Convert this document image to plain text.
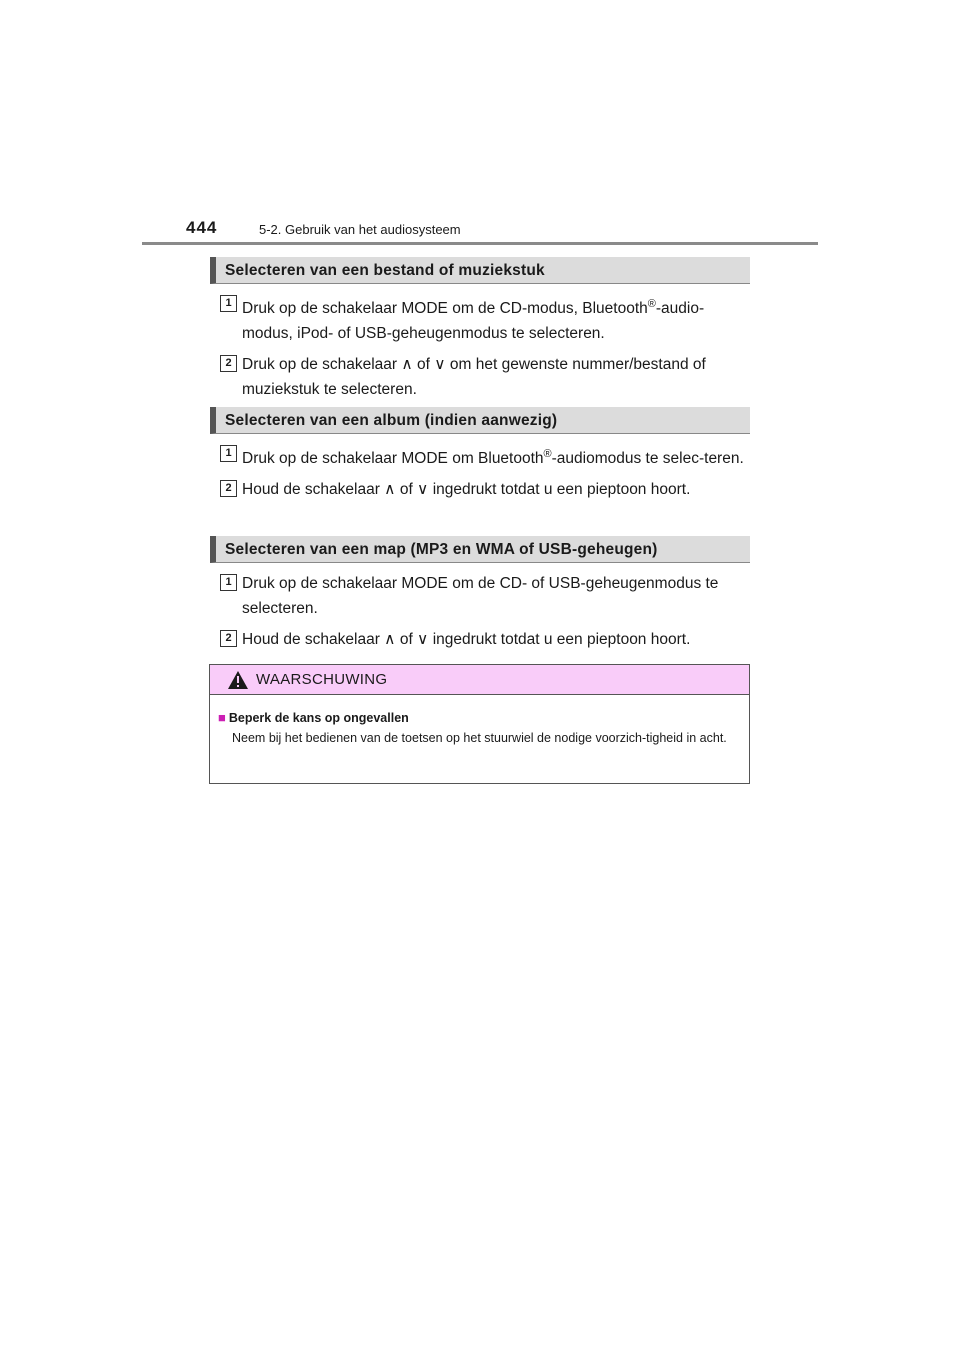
444	5-2. Gebruik van het audiosysteem
Selecteren van een bestand of muziekstuk
1 Druk op de schakelaar MODE om de CD-modus, Bluetooth®-audio-modus, iPod- of USB-geheugenmodus te selecteren.
2 Druk op de schakelaar ∧ of ∨ om het gewenste nummer/bestand of muziekstuk te selecteren.
Selecteren van een album (indien aanwezig)
1 Druk op de schakelaar MODE om Bluetooth®-audiomodus te selec-teren.
2 Houd de schakelaar ∧ of ∨ ingedrukt totdat u een pieptoon hoort.
Selecteren van een map (MP3 en WMA of USB-geheugen)
1 Druk op de schakelaar MODE om de CD- of USB-geheugenmodus te selecteren.
2 Houd de schakelaar ∧ of ∨ ingedrukt totdat u een pieptoon hoort.
WAARSCHUWING
■ Beperk de kans op ongevallen
Neem bij het bedienen van de toetsen op het stuurwiel de nodige voorzich-tigheid in acht.
